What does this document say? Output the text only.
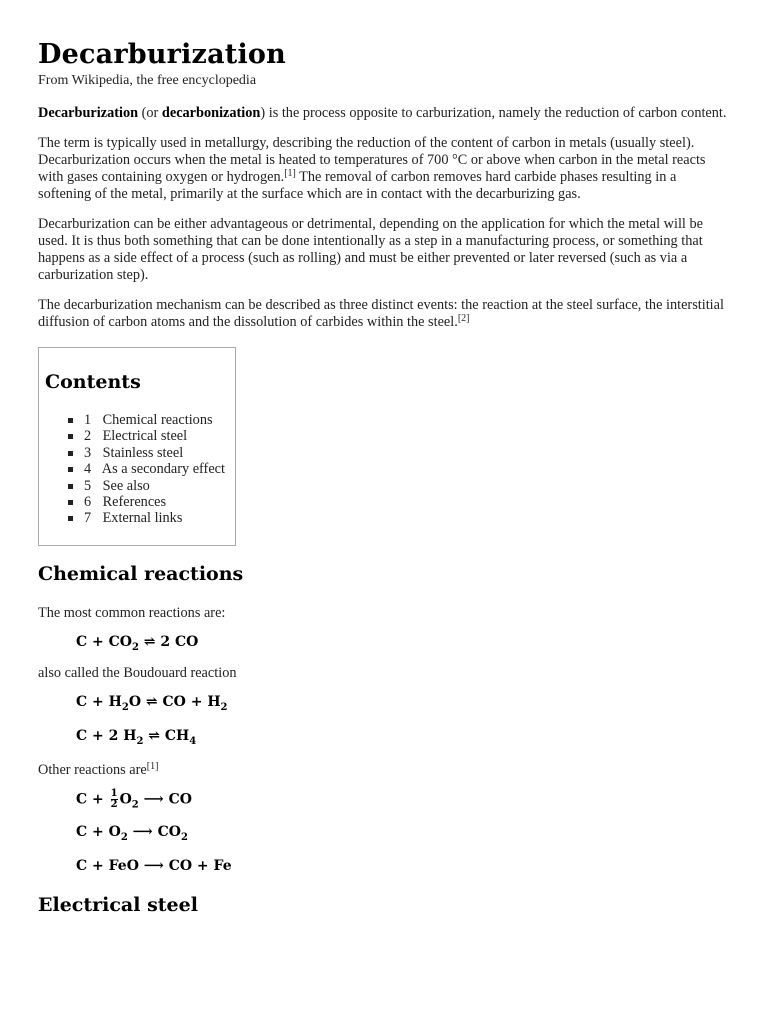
Decarburization
From Wikipedia, the free encyclopedia

Decarburization (or decarbonization) is the process opposite to carburization, namely the reduction of carbon content.

The term is typically used in metallurgy, describing the reduction of the content of carbon in metals (usually steel). Decarburization occurs when the metal is heated to temperatures of 700 °C or above when carbon in the metal reacts with gases containing oxygen or hydrogen.[1] The removal of carbon removes hard carbide phases resulting in a softening of the metal, primarily at the surface which are in contact with the decarburizing gas.

Decarburization can be either advantageous or detrimental, depending on the application for which the metal will be used. It is thus both something that can be done intentionally as a step in a manufacturing process, or something that happens as a side effect of a process (such as rolling) and must be either prevented or later reversed (such as via a carburization step).

The decarburization mechanism can be described as three distinct events: the reaction at the steel surface, the interstitial diffusion of carbon atoms and the dissolution of carbides within the steel.[2]

Contents
1 Chemical reactions
2 Electrical steel
3 Stainless steel
4 As a secondary effect
5 See also
6 References
7 External links
Chemical reactions

The most common reactions are:

$C + CO_2$ ⇌ 2 CO

also called the Boudouard reaction

$C + H_2O$ ⇌ CO + $H_2$
C + 2 $H_2$ ⇌ $CH_4$

Other reactions are[1]

$C + \frac{1}{2} O_2$ ⟶ CO
$C + O_2$ ⟶ $CO_2$
C + FeO ⟶ CO + Fe
Electrical steel
